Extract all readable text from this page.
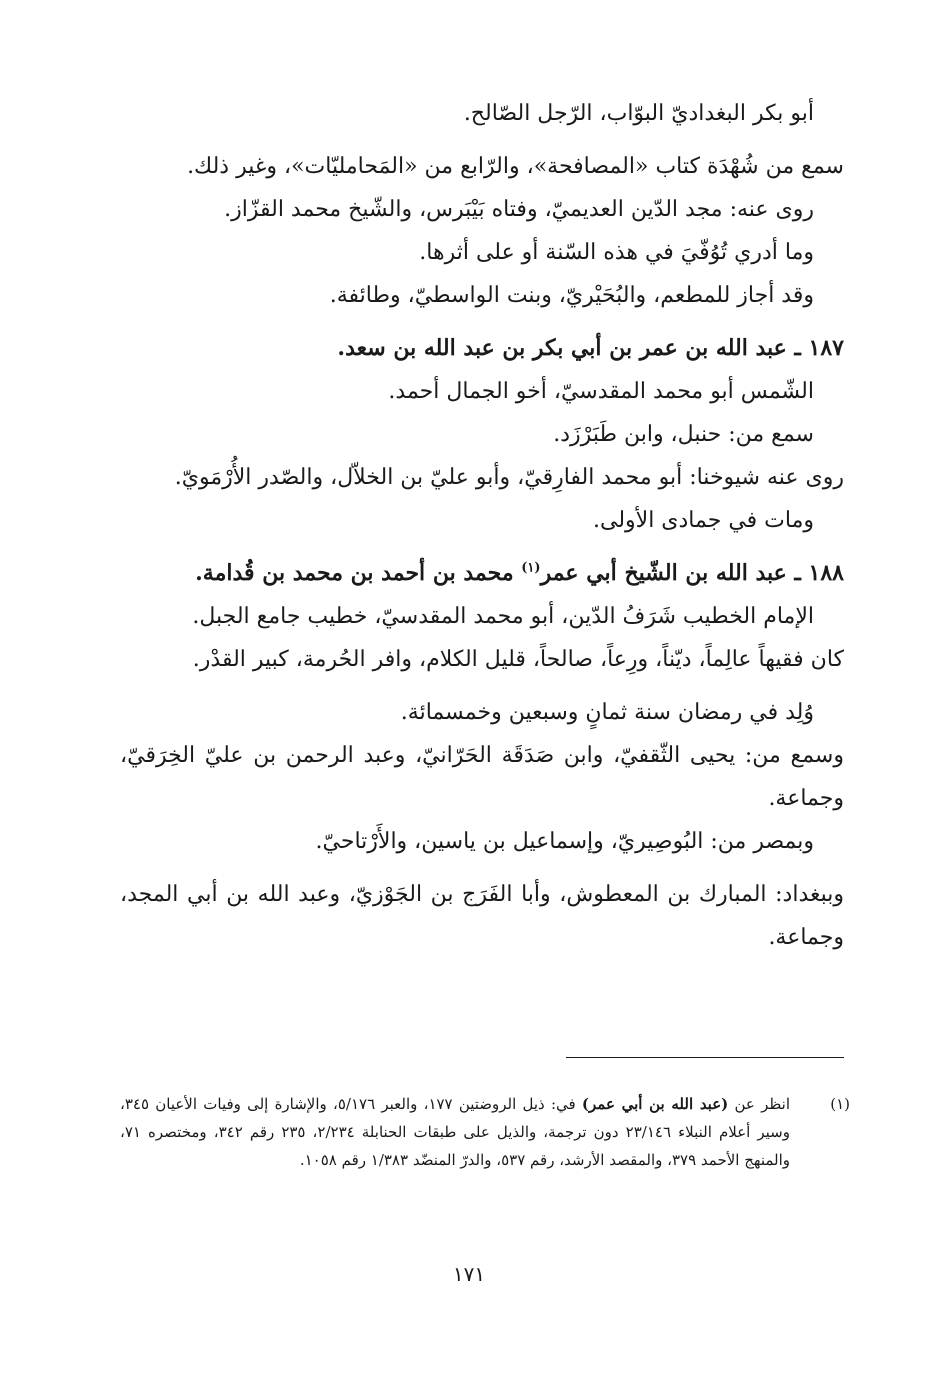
أبو بكر البغداديّ البوّاب، الرّجل الصّالح.
سمع من شُهْدَة كتاب «المصافحة»، والرّابع من «المَحامليّات»، وغير ذلك.
روى عنه: مجد الدّين العديميّ، وفتاه بَيْبَرس، والشّيخ محمد القزّاز.
وما أدري تُوُفّيَ في هذه السّنة أو على أثرها.
وقد أجاز للمطعم، والبُحَيْريّ، وبنت الواسطيّ، وطائفة.
١٨٧ ـ عبد الله بن عمر بن أبي بكر بن عبد الله بن سعد.
الشّمس أبو محمد المقدسيّ، أخو الجمال أحمد.
سمع من: حنبل، وابن طَبَرْزَد.
روى عنه شيوخنا: أبو محمد الفارِقيّ، وأبو عليّ بن الخلاّل، والصّدر الأُرْمَويّ.
ومات في جمادى الأولى.
١٨٨ ـ عبد الله بن الشّيخ أبي عمر$^{(١)}$ محمد بن أحمد بن محمد بن قُدامة.
الإمام الخطيب شَرَفُ الدّين، أبو محمد المقدسيّ، خطيب جامع الجبل.
كان فقيهاً عالِماً، ديّناً، ورِعاً، صالحاً، قليل الكلام، وافر الحُرمة، كبير القدْر.
وُلِد في رمضان سنة ثمانٍ وسبعين وخمسمائة.
وسمع من: يحيى الثّقفيّ، وابن صَدَقَة الحَرّانيّ، وعبد الرحمن بن عليّ الخِرَقيّ، وجماعة.
وبمصر من: البُوصِيريّ، وإسماعيل بن ياسين، والأَرْتاحيّ.
وببغداد: المبارك بن المعطوش، وأبا الفَرَج بن الجَوْزيّ، وعبد الله بن أبي المجد، وجماعة.
(١)
انظر عن (عبد الله بن أبي عمر) في: ذيل الروضتين ١٧٧، والعبر ٥/١٧٦، والإشارة إلى وفيات الأعيان ٣٤٥، وسير أعلام النبلاء ٢٣/١٤٦ دون ترجمة، والذيل على طبقات الحنابلة ٢/٢٣٤، ٢٣٥ رقم ٣٤٢، ومختصره ٧١، والمنهج الأحمد ٣٧٩، والمقصد الأرشد، رقم ٥٣٧، والدرّ المنضّد ١/٣٨٣ رقم ١٠٥٨.
١٧١
